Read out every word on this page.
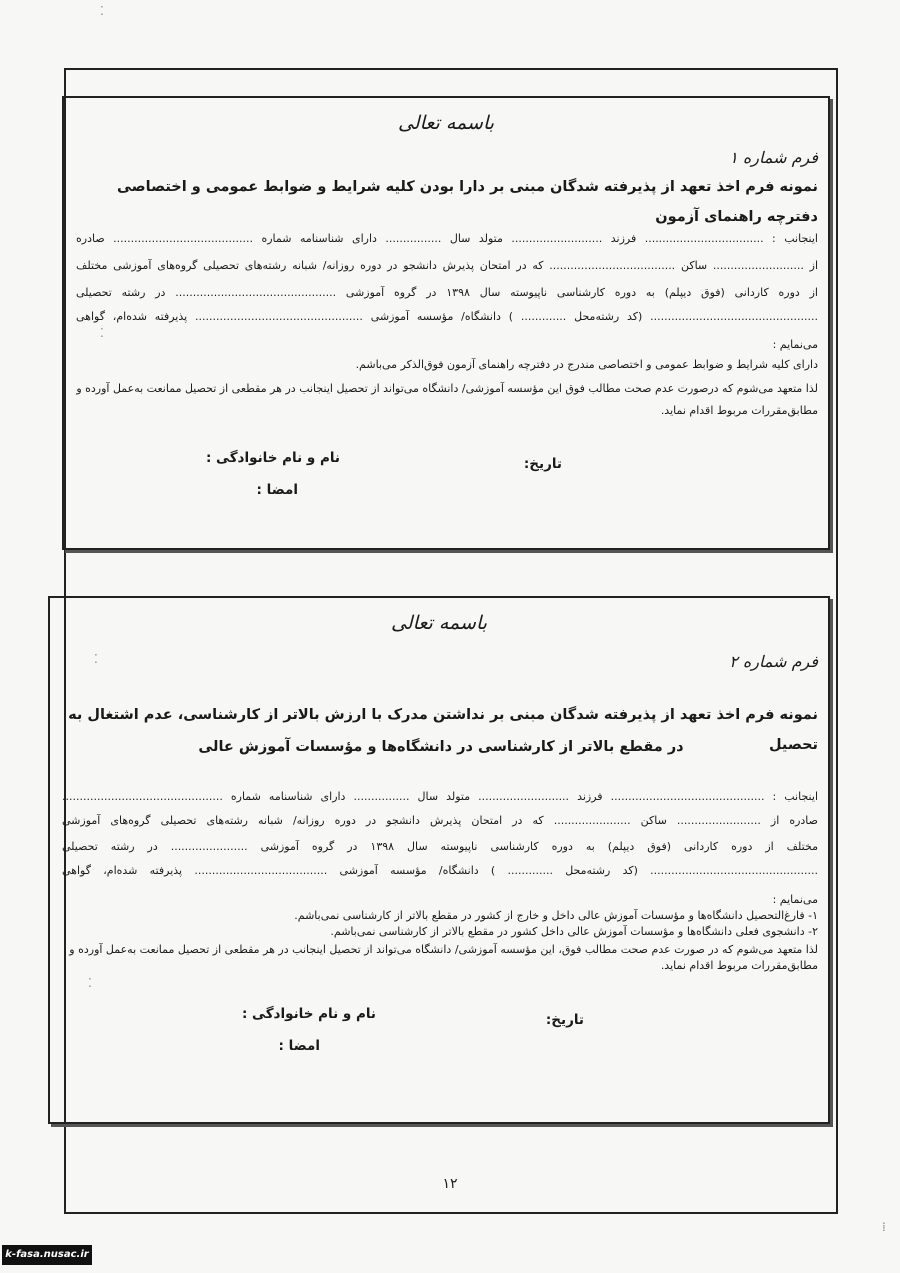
باسمه تعالی
فرم شماره ۱
نمونه فرم اخذ تعهد از پذیرفته شدگان مبنی بر دارا بودن کلیه شرایط و ضوابط عمومی و اختصاصی دفترچه راهنمای آزمون
اینجانب : .................................. فرزند .......................... متولد سال ................ دارای شناسنامه شماره ........................................ صادره
از .......................... ساکن .................................... که در امتحان پذیرش دانشجو در دوره روزانه/ شبانه رشته‌های تحصیلی گروه‌های آموزشی مختلف
از دوره کاردانی (فوق دیپلم) به دوره کارشناسی ناپیوسته سال ۱۳۹۸ در گروه آموزشی .............................................. در رشته تحصیلی
................................................ (کد رشته‌محل ............. ) دانشگاه/ مؤسسه آموزشی ................................................ پذیرفته شده‌ام، گواهی
می‌نمایم :
دارای کلیه شرایط و ضوابط عمومی و اختصاصی مندرج در دفترچه راهنمای آزمون فوق‌الذکر می‌باشم.
لذا متعهد می‌شوم که درصورت عدم صحت مطالب فوق این مؤسسه آموزشی/ دانشگاه می‌تواند از تحصیل اینجانب در هر مقطعی از تحصیل ممانعت به‌عمل آورده و مطابق‌مقررات مربوط اقدام نماید.
نام و نام خانوادگی :	تاریخ:
امضا :
باسمه تعالی
فرم شماره ۲
نمونه فرم اخذ تعهد از پذیرفته شدگان مبنی بر نداشتن مدرک با ارزش بالاتر از کارشناسی، عدم اشتغال به تحصیل
در مقطع بالاتر از کارشناسی در دانشگاه‌ها و مؤسسات آموزش عالی
اینجانب : ............................................ فرزند .......................... متولد سال ................ دارای شناسنامه شماره ..............................................
صادره از ........................ ساکن ...................... که در امتحان پذیرش دانشجو در دوره روزانه/ شبانه رشته‌های تحصیلی گروه‌های آموزشی
مختلف از دوره کاردانی (فوق دیپلم) به دوره کارشناسی ناپیوسته سال ۱۳۹۸ در گروه آموزشی ...................... در رشته تحصیلی
................................................ (کد رشته‌محل ............. ) دانشگاه/ مؤسسه آموزشی ...................................... پذیرفته شده‌ام، گواهی
می‌نمایم :
۱- فارغ‌التحصیل دانشگاه‌ها و مؤسسات آموزش عالی داخل و خارج از کشور در مقطع بالاتر از کارشناسی نمی‌باشم.
۲- دانشجوی فعلی دانشگاه‌ها و مؤسسات آموزش عالی داخل کشور در مقطع بالاتر از کارشناسی نمی‌باشم.
لذا متعهد می‌شوم که در صورت عدم صحت مطالب فوق، این مؤسسه آموزشی/ دانشگاه می‌تواند از تحصیل اینجانب در هر مقطعی از تحصیل ممانعت به‌عمل آورده و مطابق‌مقررات مربوط اقدام نماید.
نام و نام خانوادگی :	تاریخ:
امضا :
۱۲
k-fasa.nusac.ir
⁚
⁚
⁚
⁚
⁞
